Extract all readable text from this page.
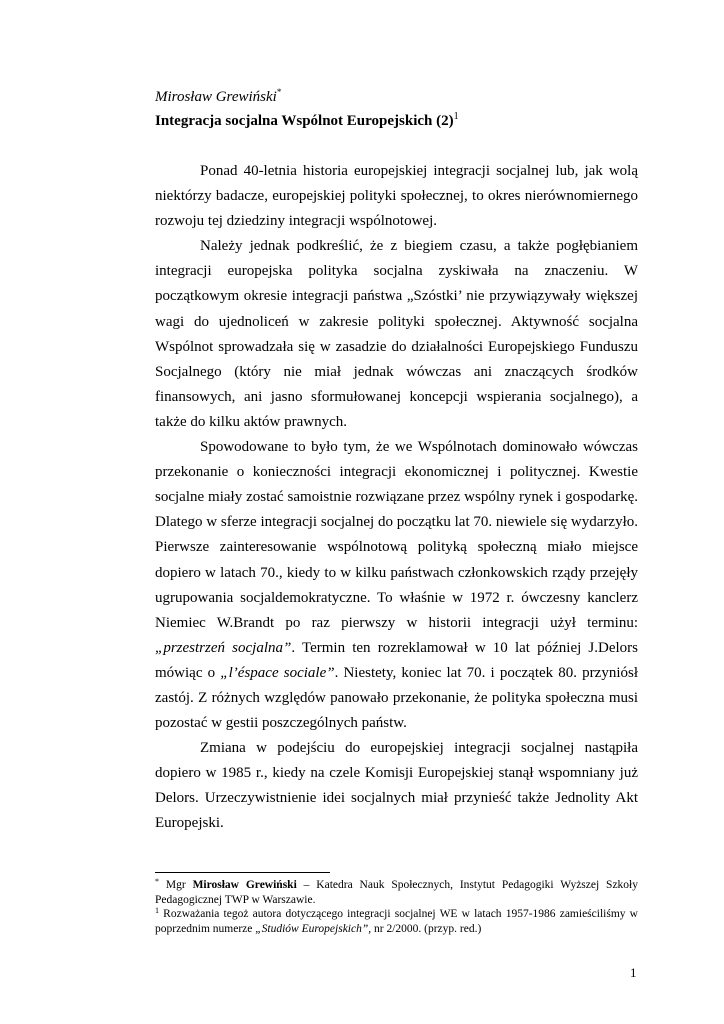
Mirosław Grewiński*
Integracja socjalna Wspólnot Europejskich $(2)^1$

Ponad 40-letnia historia europejskiej integracji socjalnej lub, jak wolą niektórzy badacze, europejskiej polityki społecznej, to okres nierównomiernego rozwoju tej dziedziny integracji wspólnotowej.

Należy jednak podkreślić, że z biegiem czasu, a także pogłębianiem integracji europejska polityka socjalna zyskiwała na znaczeniu. W początkowym okresie integracji państwa „Szóstki’ nie przywiązywały większej wagi do ujednoliceń w zakresie polityki społecznej. Aktywność socjalna Wspólnot sprowadzała się w zasadzie do działalności Europejskiego Funduszu Socjalnego (który nie miał jednak wówczas ani znaczących środków finansowych, ani jasno sformułowanej koncepcji wspierania socjalnego), a także do kilku aktów prawnych.

Spowodowane to było tym, że we Wspólnotach dominowało wówczas przekonanie o konieczności integracji ekonomicznej i politycznej. Kwestie socjalne miały zostać samoistnie rozwiązane przez wspólny rynek i gospodarkę. Dlatego w sferze integracji socjalnej do początku lat 70. niewiele się wydarzyło. Pierwsze zainteresowanie wspólnotową polityką społeczną miało miejsce dopiero w latach 70., kiedy to w kilku państwach członkowskich rządy przejęły ugrupowania socjaldemokratyczne. To właśnie w 1972 r. ówczesny kanclerz Niemiec W.Brandt po raz pierwszy w historii integracji użył terminu: „przestrzeń socjalna”. Termin ten rozreklamował w 10 lat później J.Delors mówiąc o „l’éspace sociale”. Niestety, koniec lat 70. i początek 80. przyniósł zastój. Z różnych względów panowało przekonanie, że polityka społeczna musi pozostać w gestii poszczególnych państw.

Zmiana w podejściu do europejskiej integracji socjalnej nastąpiła dopiero w 1985 r., kiedy na czele Komisji Europejskiej stanął wspomniany już Delors. Urzeczywistnienie idei socjalnych miał przynieść także Jednolity Akt Europejski.

* Mgr Mirosław Grewiński – Katedra Nauk Społecznych, Instytut Pedagogiki Wyższej Szkoły Pedagogicznej TWP w Warszawie.

$^1$ Rozważania tegoż autora dotyczącego integracji socjalnej WE w latach 1957-1986 zamieściliśmy w poprzednim numerze „Studiów Europejskich”, nr 2/2000. (przyp. red.)

1
